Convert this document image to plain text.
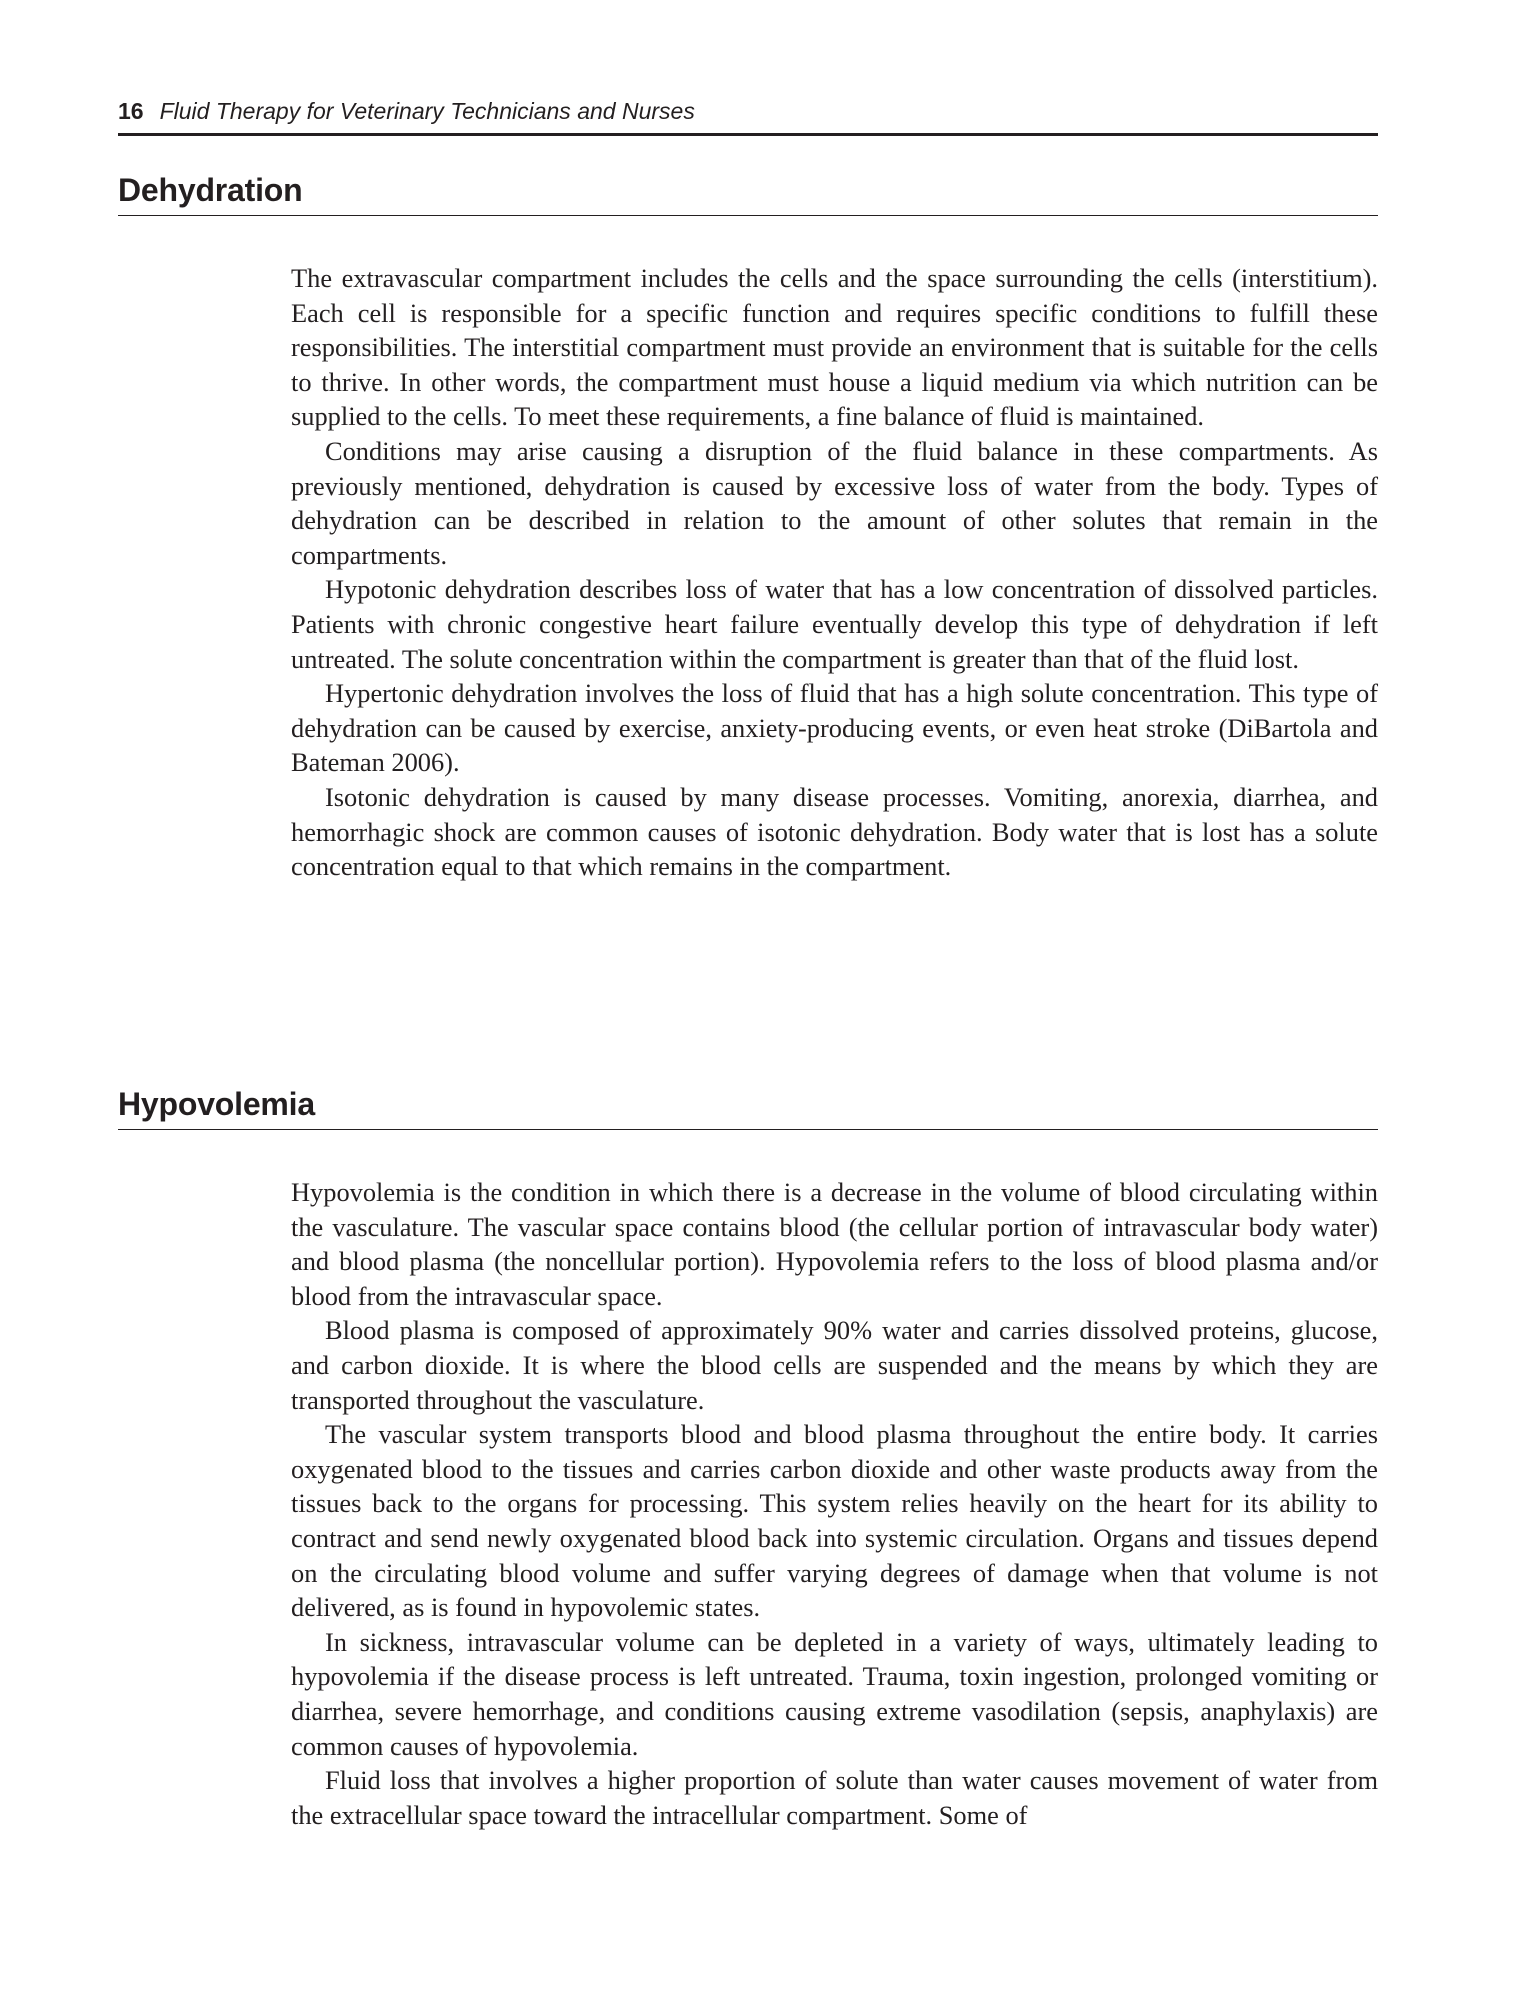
16 Fluid Therapy for Veterinary Technicians and Nurses
Dehydration

The extravascular compartment includes the cells and the space surrounding the cells (interstitium). Each cell is responsible for a specific function and requires specific conditions to fulfill these responsibilities. The interstitial compartment must provide an environment that is suitable for the cells to thrive. In other words, the compartment must house a liquid medium via which nutrition can be supplied to the cells. To meet these requirements, a fine balance of fluid is maintained.

Conditions may arise causing a disruption of the fluid balance in these compartments. As previously mentioned, dehydration is caused by excessive loss of water from the body. Types of dehydration can be described in relation to the amount of other solutes that remain in the compartments.

Hypotonic dehydration describes loss of water that has a low concentration of dissolved particles. Patients with chronic congestive heart failure eventually develop this type of dehydration if left untreated. The solute concentration within the compartment is greater than that of the fluid lost.

Hypertonic dehydration involves the loss of fluid that has a high solute concentration. This type of dehydration can be caused by exercise, anxiety-producing events, or even heat stroke (DiBartola and Bateman 2006).

Isotonic dehydration is caused by many disease processes. Vomiting, anorexia, diarrhea, and hemorrhagic shock are common causes of isotonic dehydration. Body water that is lost has a solute concentration equal to that which remains in the compartment.

Hypovolemia

Hypovolemia is the condition in which there is a decrease in the volume of blood circulating within the vasculature. The vascular space contains blood (the cellular portion of intravascular body water) and blood plasma (the noncellular portion). Hypovolemia refers to the loss of blood plasma and/or blood from the intravascular space.

Blood plasma is composed of approximately 90% water and carries dissolved proteins, glucose, and carbon dioxide. It is where the blood cells are suspended and the means by which they are transported throughout the vasculature.

The vascular system transports blood and blood plasma throughout the entire body. It carries oxygenated blood to the tissues and carries carbon dioxide and other waste products away from the tissues back to the organs for processing. This system relies heavily on the heart for its ability to contract and send newly oxygenated blood back into systemic circulation. Organs and tissues depend on the circulating blood volume and suffer varying degrees of damage when that volume is not delivered, as is found in hypovolemic states.

In sickness, intravascular volume can be depleted in a variety of ways, ultimately leading to hypovolemia if the disease process is left untreated. Trauma, toxin ingestion, prolonged vomiting or diarrhea, severe hemorrhage, and conditions causing extreme vasodilation (sepsis, anaphylaxis) are common causes of hypovolemia.

Fluid loss that involves a higher proportion of solute than water causes movement of water from the extracellular space toward the intracellular compartment. Some of
